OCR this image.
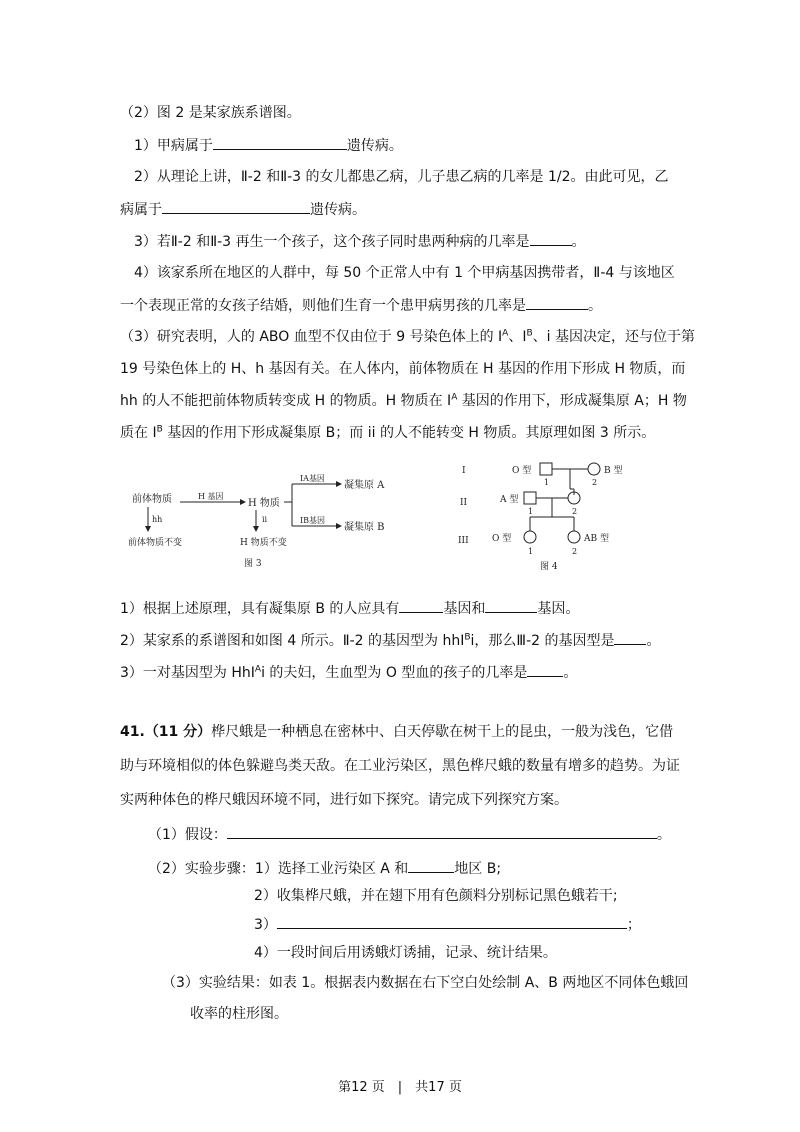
（2）图 2 是某家族系谱图。
1）甲病属于	遗传病。
2）从理论上讲，Ⅱ-2 和Ⅱ-3 的女儿都患乙病，儿子患乙病的几率是 1/2。由此可见，乙
病属于	遗传病。
3）若Ⅱ-2 和Ⅱ-3 再生一个孩子，这个孩子同时患两种病的几率是	。
4）该家系所在地区的人群中，每 50 个正常人中有 1 个甲病基因携带者，Ⅱ-4 与该地区
一个表现正常的女孩子结婚，则他们生育一个患甲病男孩的几率是	。
（3）研究表明，人的 ABO 血型不仅由位于 9 号染色体上的 $I^A$、$I^B$、i 基因决定，还与位于第
19 号染色体上的 H、h 基因有关。在人体内，前体物质在 H 基因的作用下形成 H 物质，而
hh 的人不能把前体物质转变成 H 的物质。H 物质在 $I^A$ 基因的作用下，形成凝集原 A；H 物
质在 $I^B$ 基因的作用下形成凝集原 B；而 ii 的人不能转变 H 物质。其原理如图 3 所示。
前体物质	H 基因
H 物质
hh
前体物质不变
ii
H 物质不变
IA基因
IB基因
凝集原 A
凝集原 B
图 3
I
II
III
O 型	B 型
1	2
A 型
1	2
O 型	AB 型
1	2
图 4
1）根据上述原理，具有凝集原 B 的人应具有	基因和	基因。
2）某家系的系谱图和如图 4 所示。Ⅱ-2 的基因型为 hhI$^B$i，那么Ⅲ-2 的基因型是 。
3）一对基因型为 HhI$^A$i 的夫妇，生血型为 O 型血的孩子的几率是	。
41.（11 分）桦尺蛾是一种栖息在密林中、白天停歇在树干上的昆虫，一般为浅色，它借
助与环境相似的体色躲避鸟类天敌。在工业污染区，黑色桦尺蛾的数量有增多的趋势。为证
实两种体色的桦尺蛾因环境不同，进行如下探究。请完成下列探究方案。
（1）假设：	。
（2）实验步骤：1）选择工业污染区 A 和	地区 B;
2）收集桦尺蛾，并在翅下用有色颜料分别标记黑色蛾若干;
3）	；
4）一段时间后用诱蛾灯诱捕，记录、统计结果。
（3）实验结果：如表 1。根据表内数据在右下空白处绘制 A、B 两地区不同体色蛾回
收率的柱形图。
第12 页　|　共17 页
